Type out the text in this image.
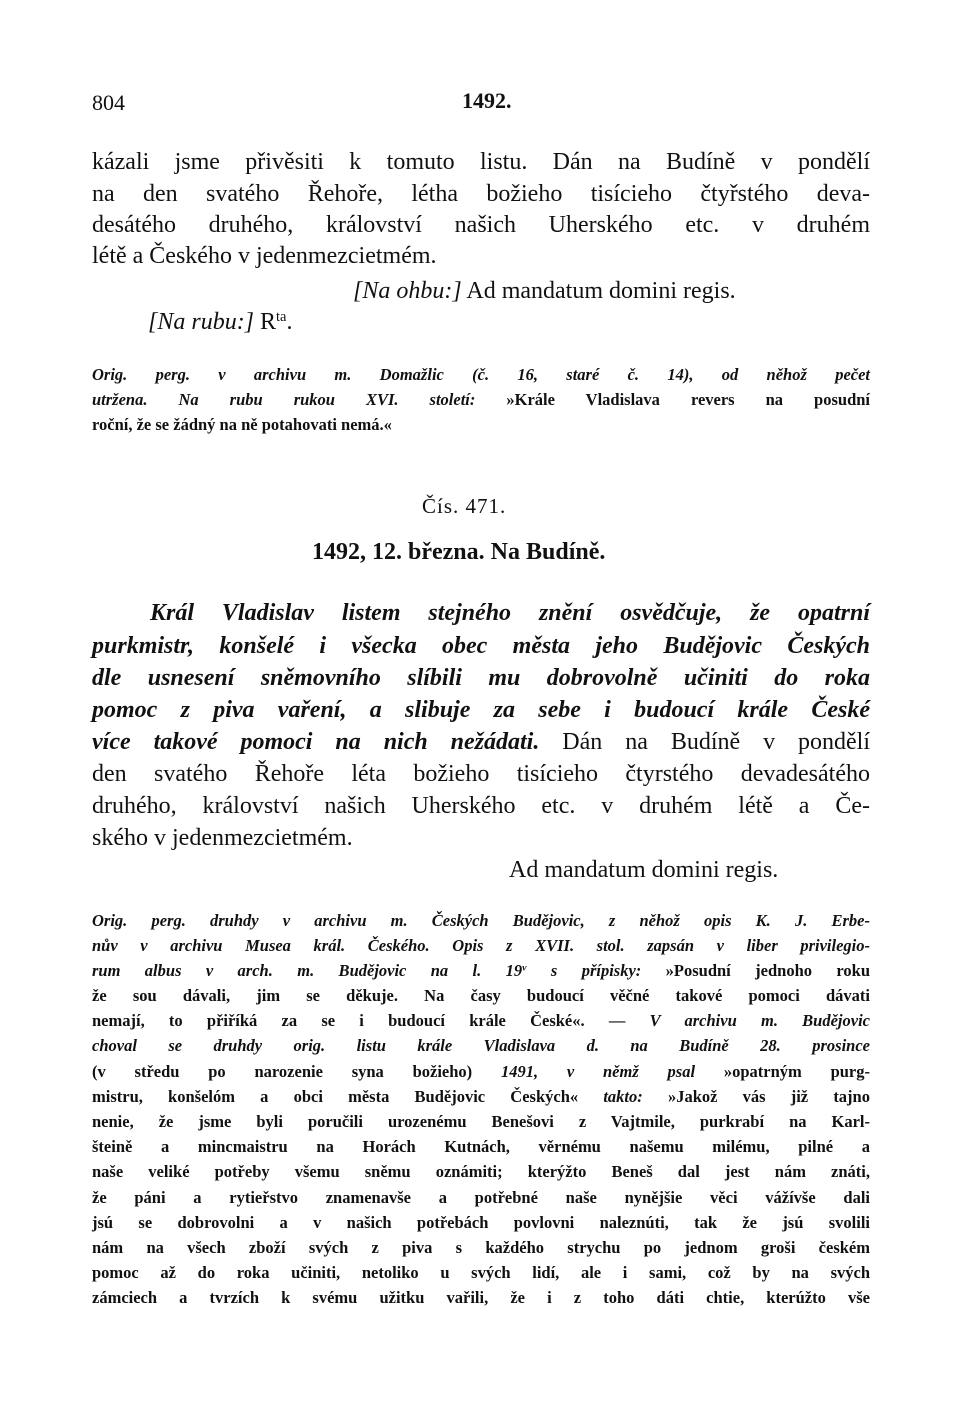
804	1492.
kázali jsme přivěsiti k tomuto listu. Dán na Budíně v pondělí
na den svatého Řehoře, létha božieho tisícieho čtyřstého deva-
desátého druhého, království našich Uherského etc. v druhém
létě a Českého v jedenmezcietmém.
[Na ohbu:] Ad mandatum domini regis.
[Na rubu:] $R^{ta}$.
Orig. perg. v archivu m. Domažlic (č. 16, staré č. 14), od něhož pečet
utržena. Na rubu rukou XVI. století: »Krále Vladislava revers na posudní
roční, že se žádný na ně potahovati nemá.«
Čís. 471.
1492, 12. března. Na Budíně.
Král Vladislav listem stejného znění osvědčuje, že opatrní
purkmistr, konšelé i všecka obec města jeho Budějovic Českých
dle usnesení sněmovního slíbili mu dobrovolně učiniti do roka
pomoc z piva vaření, a slibuje za sebe i budoucí krále České
více takové pomoci na nich nežádati. Dán na Budíně v pondělí
den svatého Řehoře léta božieho tisícieho čtyrstého devadesátého
druhého, království našich Uherského etc. v druhém létě a Če-
ského v jedenmezcietmém.
Ad mandatum domini regis.
Orig. perg. druhdy v archivu m. Českých Budějovic, z něhož opis K. J. Erbe-
nův v archivu Musea král. Českého. Opis z XVII. stol. zapsán v liber privilegio-
rum albus v arch. m. Budějovic na l. 19$^v$ s přípisky: »Posudní jednoho roku
že sou dávali, jim se děkuje. Na časy budoucí věčné takové pomoci dávati
nemají, to přiříká za se i budoucí krále České«. — V archivu m. Budějovic
choval se druhdy orig. listu krále Vladislava d. na Budíně 28. prosince
(v středu po narozenie syna božieho) 1491, v němž psal »opatrným purg-
mistru, konšelóm a obci města Budějovic Českých« takto: »Jakož vás již tajno
nenie, že jsme byli poručili urozenému Benešovi z Vajtmile, purkrabí na Karl-
šteině a mincmaistru na Horách Kutnách, věrnému našemu milému, pilné a
naše veliké potřeby všemu sněmu oznámiti; kterýžto Beneš dal jest nám znáti,
že páni a rytieřstvo znamenavše a potřebné naše nynějšie věci vážívše dali
jsú se dobrovolni a v našich potřebách povlovni naleznúti, tak že jsú svolili
nám na všech zboží svých z piva s každého strychu po jednom groši českém
pomoc až do roka učiniti, netoliko u svých lidí, ale i sami, což by na svých
zámciech a tvrzích k svému užitku vařili, že i z toho dáti chtie, kterúžto vše
